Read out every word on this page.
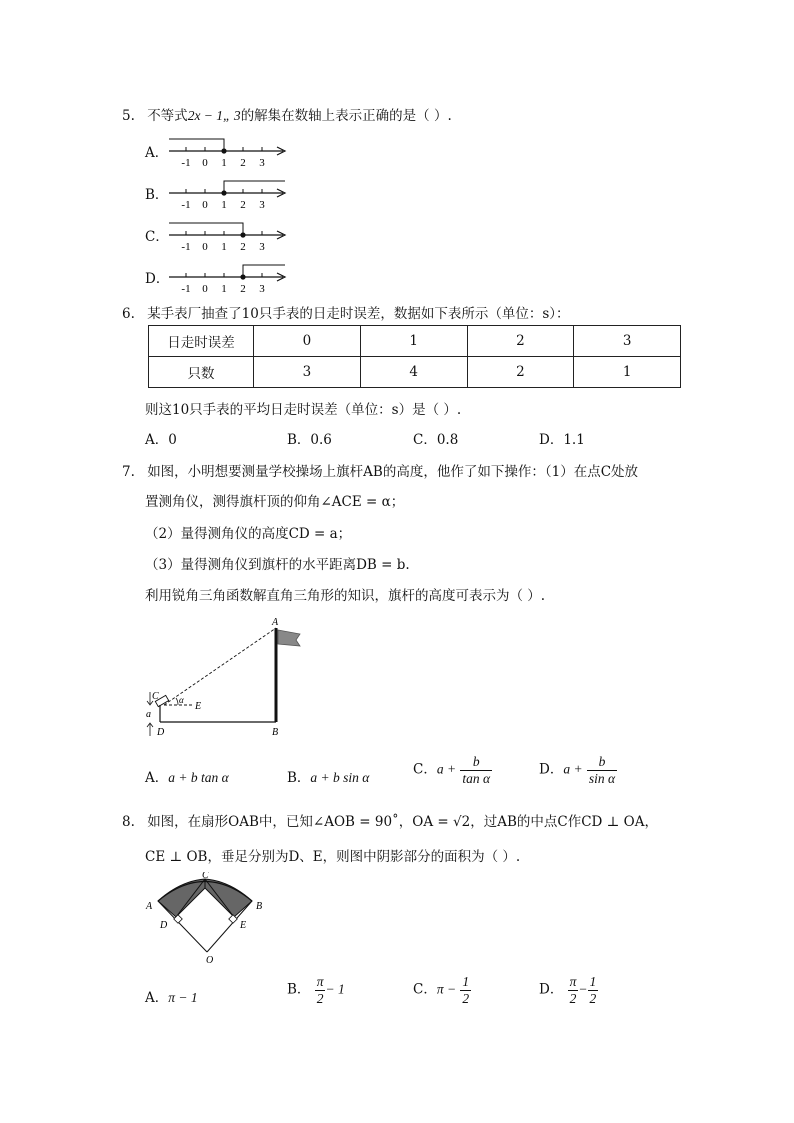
5. 不等式2x − 1„ 3的解集在数轴上表示正确的是（ ）.
A．
-1 0 1 2 3
B．
-1 0 1 2 3
C．
-1 0 1 2 3
D．
-1 0 1 2 3
6. 某手表厂抽查了10只手表的日走时误差，数据如下表所示（单位：s）：
日走时误差	0	1	2	3
只数	3	4	2	1
则这10只手表的平均日走时误差（单位：s）是（ ）.
A．0	B．0.6	C．0.8	D．1.1
7. 如图，小明想要测量学校操场上旗杆AB的高度，他作了如下操作：（1）在点C处放
置测角仪，测得旗杆顶的仰角∠ACE = α；
（2）量得测角仪的高度CD = a；
（3）量得测角仪到旗杆的水平距离DB = b.
利用锐角三角函数解直角三角形的知识，旗杆的高度可表示为（ ）.
A
B
C
D
E
α
a
A．a + b tan α	B．a + b sin α	C．$a + \frac{b}{\text{tan α}}$	D．$a + \frac{b}{\text{sin α}}$
8. 如图，在扇形OAB中，已知∠AOB = 90˚，OA = √2，过AB的中点C作CD ⊥ OA，
CE ⊥ OB，垂足分别为D、E，则图中阴影部分的面积为（ ）.
C
A	B
D	E
O
A．π − 1	B． $\frac{\pi}{2} - 1$	C．$\pi - \frac{1}{2}$	D． $\frac{\pi}{2} - \frac{1}{2}$
